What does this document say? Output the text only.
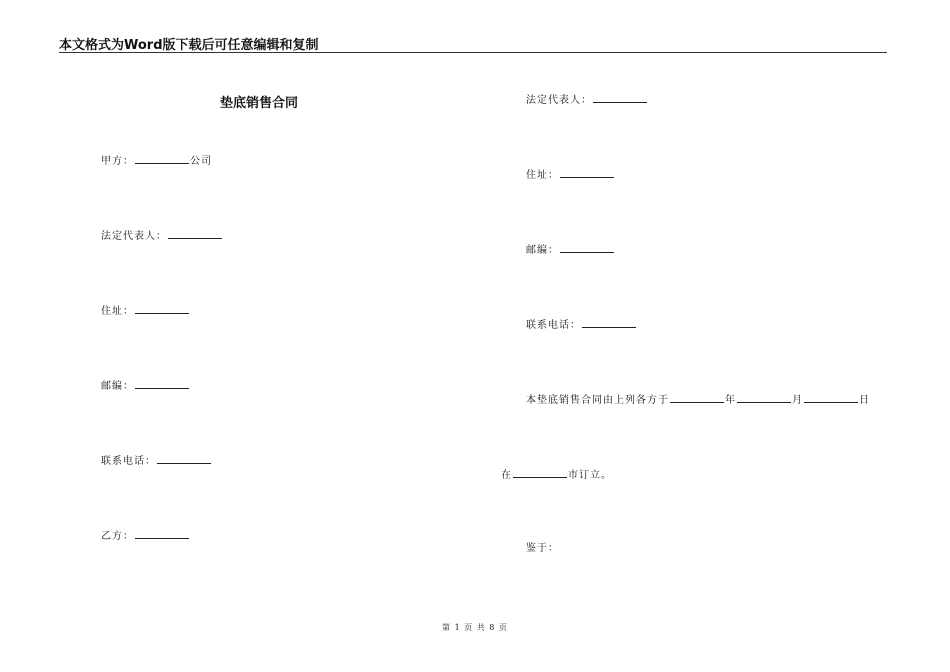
本文格式为Word版下载后可任意编辑和复制
垫底销售合同
甲方：	公司
法定代表人：
住址：
邮编：
联系电话：
乙方：
法定代表人：
住址：
邮编：
联系电话：
本垫底销售合同由上列各方于	年	月	日
在	市订立。
鉴于：
第 1 页 共 8 页
